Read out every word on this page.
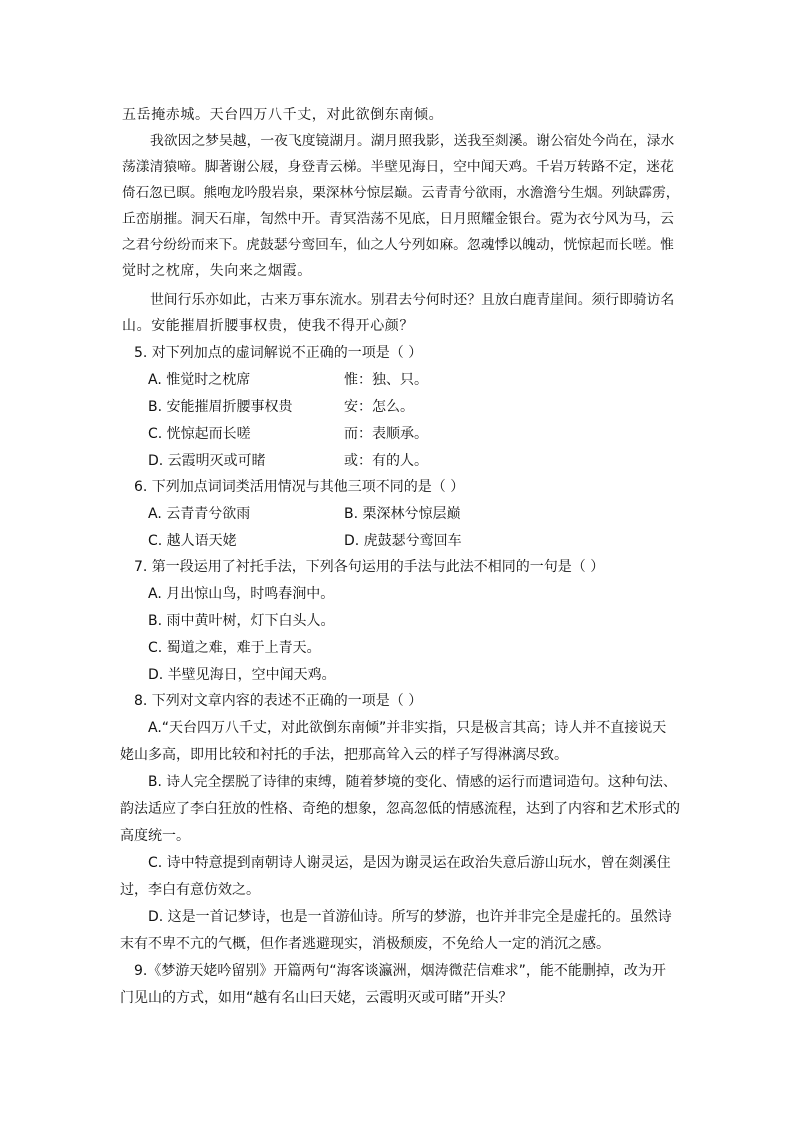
五岳掩赤城。天台四万八千丈，对此欲倒东南倾。
我欲因之梦吴越，一夜飞度镜湖月。湖月照我影，送我至剡溪。谢公宿处今尚在，渌水
荡漾清猿啼。脚著谢公屐，身登青云梯。半壁见海日，空中闻天鸡。千岩万转路不定，迷花
倚石忽已暝。熊咆龙吟殷岩泉，栗深林兮惊层巅。云青青兮欲雨，水澹澹兮生烟。列缺霹雳，
丘峦崩摧。洞天石扉，訇然中开。青冥浩荡不见底，日月照耀金银台。霓为衣兮风为马，云
之君兮纷纷而来下。虎鼓瑟兮鸾回车，仙之人兮列如麻。忽魂悸以魄动，恍惊起而长嗟。惟
觉时之枕席，失向来之烟霞。
世间行乐亦如此，古来万事东流水。别君去兮何时还？且放白鹿青崖间。须行即骑访名
山。安能摧眉折腰事权贵，使我不得开心颜？
5. 对下列加点的虚词解说不正确的一项是（ ）
A. 惟觉时之枕席	惟：独、只。
B. 安能摧眉折腰事权贵	安：怎么。
C. 恍惊起而长嗟	而：表顺承。
D. 云霞明灭或可睹	或：有的人。
6. 下列加点词词类活用情况与其他三项不同的是（ ）
A. 云青青兮欲雨	B. 栗深林兮惊层巅
C. 越人语天姥	D. 虎鼓瑟兮鸾回车
7. 第一段运用了衬托手法，下列各句运用的手法与此法不相同的一句是（ ）
A. 月出惊山鸟，时鸣春涧中。
B. 雨中黄叶树，灯下白头人。
C. 蜀道之难，难于上青天。
D. 半壁见海日，空中闻天鸡。
8. 下列对文章内容的表述不正确的一项是（ ）
A.“天台四万八千丈，对此欲倒东南倾”并非实指，只是极言其高；诗人并不直接说天
姥山多高，即用比较和衬托的手法，把那高耸入云的样子写得淋漓尽致。
B. 诗人完全摆脱了诗律的束缚，随着梦境的变化、情感的运行而遣词造句。这种句法、
韵法适应了李白狂放的性格、奇绝的想象，忽高忽低的情感流程，达到了内容和艺术形式的
高度统一。
C. 诗中特意提到南朝诗人谢灵运，是因为谢灵运在政治失意后游山玩水，曾在剡溪住
过，李白有意仿效之。
D. 这是一首记梦诗，也是一首游仙诗。所写的梦游，也许并非完全是虚托的。虽然诗
末有不卑不亢的气概，但作者逃避现实，消极颓废，不免给人一定的消沉之感。
9.《梦游天姥吟留别》开篇两句“海客谈瀛洲，烟涛微茫信难求”，能不能删掉，改为开
门见山的方式，如用“越有名山曰天姥，云霞明灭或可睹”开头？
